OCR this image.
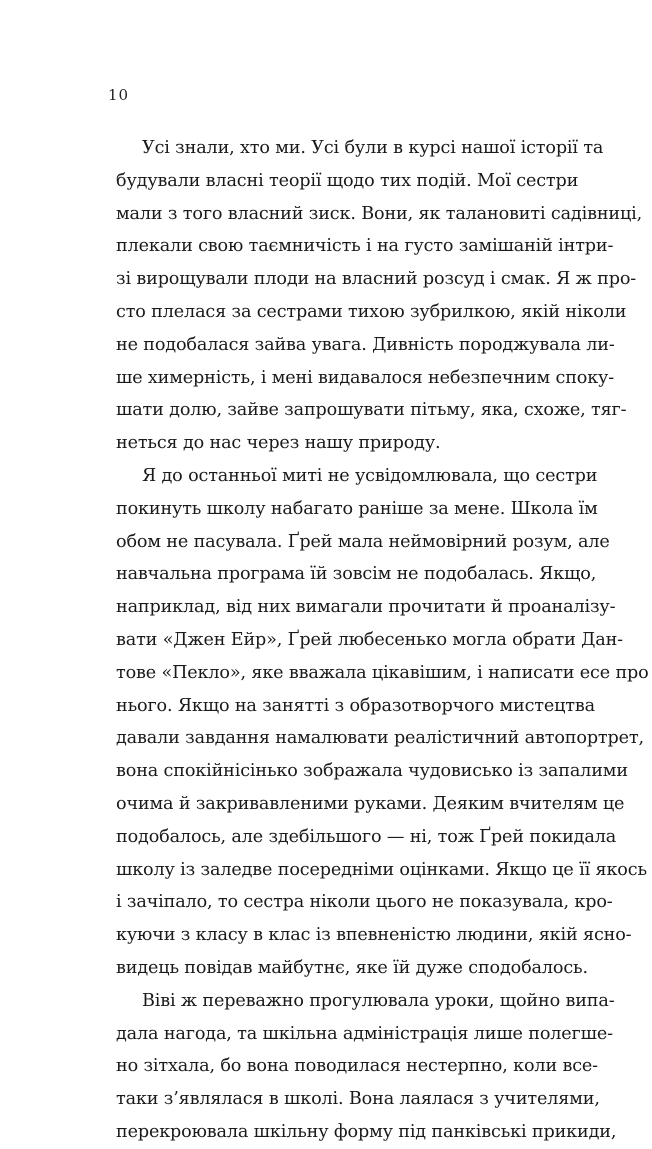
10
Усі знали, хто ми. Усі були в курсі нашої історії та
будували власні теорії щодо тих подій. Мої сестри
мали з того власний зиск. Вони, як талановиті садівниці,
плекали свою таємничість і на густо замішаній інтри-
зі вирощували плоди на власний розсуд і смак. Я ж про-
сто плелася за сестрами тихою зубрилкою, якій ніколи
не подобалася зайва увага. Дивність породжувала ли-
ше химерність, і мені видавалося небезпечним споку-
шати долю, зайве запрошувати пітьму, яка, схоже, тяг-
неться до нас через нашу природу.
Я до останньої миті не усвідомлювала, що сестри
покинуть школу набагато раніше за мене. Школа їм
обом не пасувала. Ґрей мала неймовірний розум, але
навчальна програма їй зовсім не подобалась. Якщо,
наприклад, від них вимагали прочитати й проаналізу-
вати «Джен Ейр», Ґрей любесенько могла обрати Дан-
тове «Пекло», яке вважала цікавішим, і написати есе про
нього. Якщо на занятті з образотворчого мистецтва
давали завдання намалювати реалістичний автопортрет,
вона спокійнісінько зображала чудовисько із запалими
очима й закривавленими руками. Деяким вчителям це
подобалось, але здебільшого — ні, тож Ґрей покидала
школу із заледве посередніми оцінками. Якщо це її якось
і зачіпало, то сестра ніколи цього не показувала, кро-
куючи з класу в клас із впевненістю людини, якій ясно-
видець повідав майбутнє, яке їй дуже сподобалось.
Віві ж переважно прогулювала уроки, щойно випа-
дала нагода, та шкільна адміністрація лише полегше-
но зітхала, бо вона поводилася нестерпно, коли все-
таки з’являлася в школі. Вона лаялася з учителями,
перекроювала шкільну форму під панківські прикиди,
